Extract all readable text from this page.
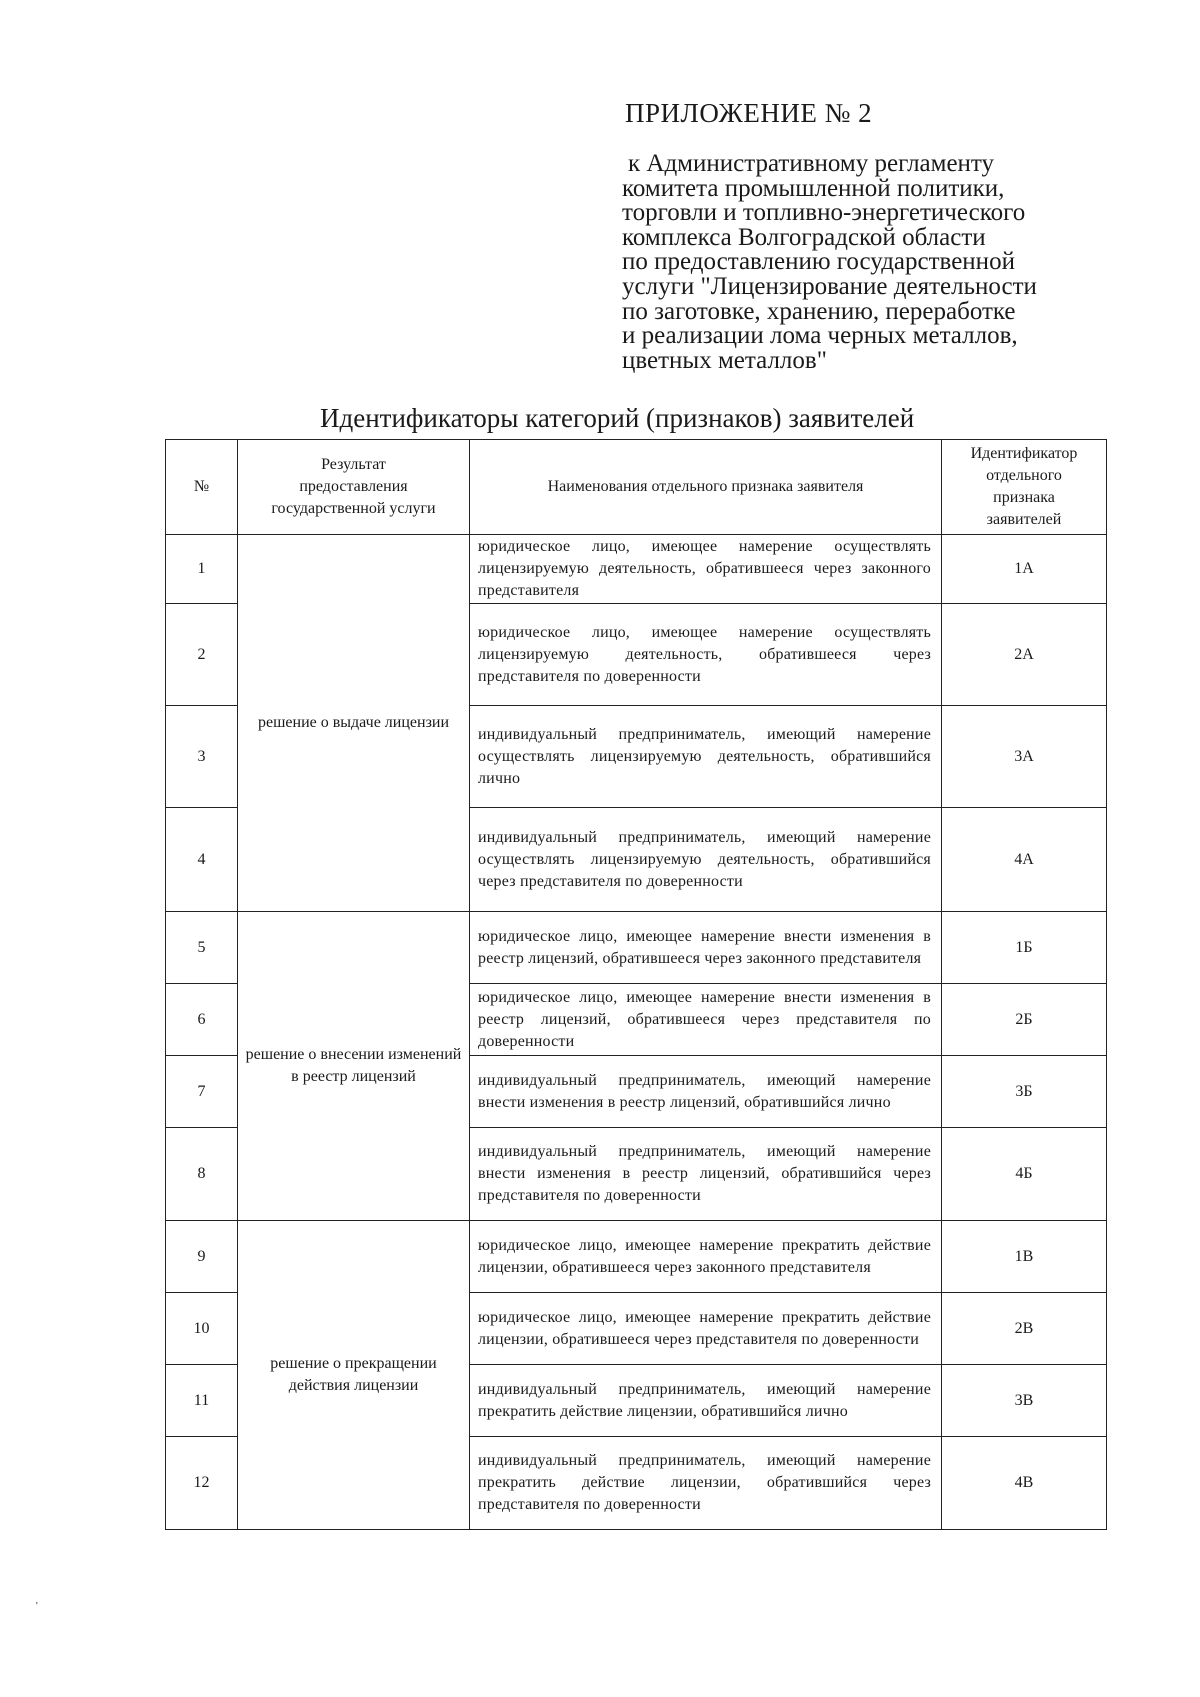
ПРИЛОЖЕНИЕ № 2
к Административному регламенту
комитета промышленной политики,
торговли и топливно-энергетического
комплекса Волгоградской области
по предоставлению государственной
услуги "Лицензирование деятельности
по заготовке, хранению, переработке
и реализации лома черных металлов,
цветных металлов"
Идентификаторы категорий (признаков) заявителей
№	Результат предоставления государственной услуги	Наименования отдельного признака заявителя	Идентификатор отдельного признака заявителей
1	решение о выдаче лицензии	юридическое лицо, имеющее намерение осуществлять лицензируемую деятельность, обратившееся через законного представителя	1А
2		юридическое лицо, имеющее намерение осуществлять лицензируемую деятельность, обратившееся через представителя по доверенности	2А
3		индивидуальный предприниматель, имеющий намерение осуществлять лицензируемую деятельность, обратившийся лично	3А
4		индивидуальный предприниматель, имеющий намерение осуществлять лицензируемую деятельность, обратившийся через представителя по доверенности	4А
5	решение о внесении изменений в реестр лицензий	юридическое лицо, имеющее намерение внести изменения в реестр лицензий, обратившееся через законного представителя	1Б
6		юридическое лицо, имеющее намерение внести изменения в реестр лицензий, обратившееся через представителя по доверенности	2Б
7		индивидуальный предприниматель, имеющий намерение внести изменения в реестр лицензий, обратившийся лично	3Б
8		индивидуальный предприниматель, имеющий намерение внести изменения в реестр лицензий, обратившийся через представителя по доверенности	4Б
9	решение о прекращении действия лицензии	юридическое лицо, имеющее намерение прекратить действие лицензии, обратившееся через законного представителя	1В
10		юридическое лицо, имеющее намерение прекратить действие лицензии, обратившееся через представителя по доверенности	2В
11		индивидуальный предприниматель, имеющий намерение прекратить действие лицензии, обратившийся лично	3В
12		индивидуальный предприниматель, имеющий намерение прекратить действие лицензии, обратившийся через представителя по доверенности	4В
'
